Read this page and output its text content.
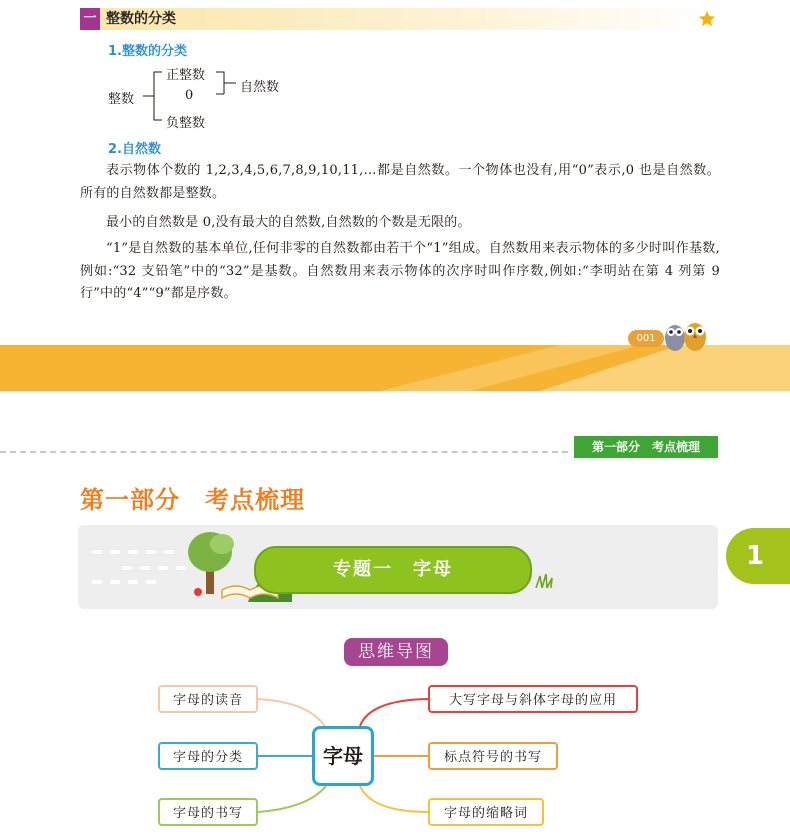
一 整数的分类
1.整数的分类
整数
正整数
0
负整数
自然数
2.自然数
表示物体个数的 1,2,3,4,5,6,7,8,9,10,11,…都是自然数。一个物体也没有,用“0”表示,0 也是自然数。所有的自然数都是整数。
最小的自然数是 0,没有最大的自然数,自然数的个数是无限的。
“1”是自然数的基本单位,任何非零的自然数都由若干个“1”组成。自然数用来表示物体的多少时叫作基数,例如:“32 支铅笔”中的“32”是基数。自然数用来表示物体的次序时叫作序数,例如:“李明站在第 4 列第 9 行”中的“4”“9”都是序数。
001
第一部分　考点梳理
第一部分　考点梳理
专题一　字母	1
思维导图
字母
字母的读音
字母的分类
字母的书写
大写字母与斜体字母的应用
标点符号的书写
字母的缩略词
